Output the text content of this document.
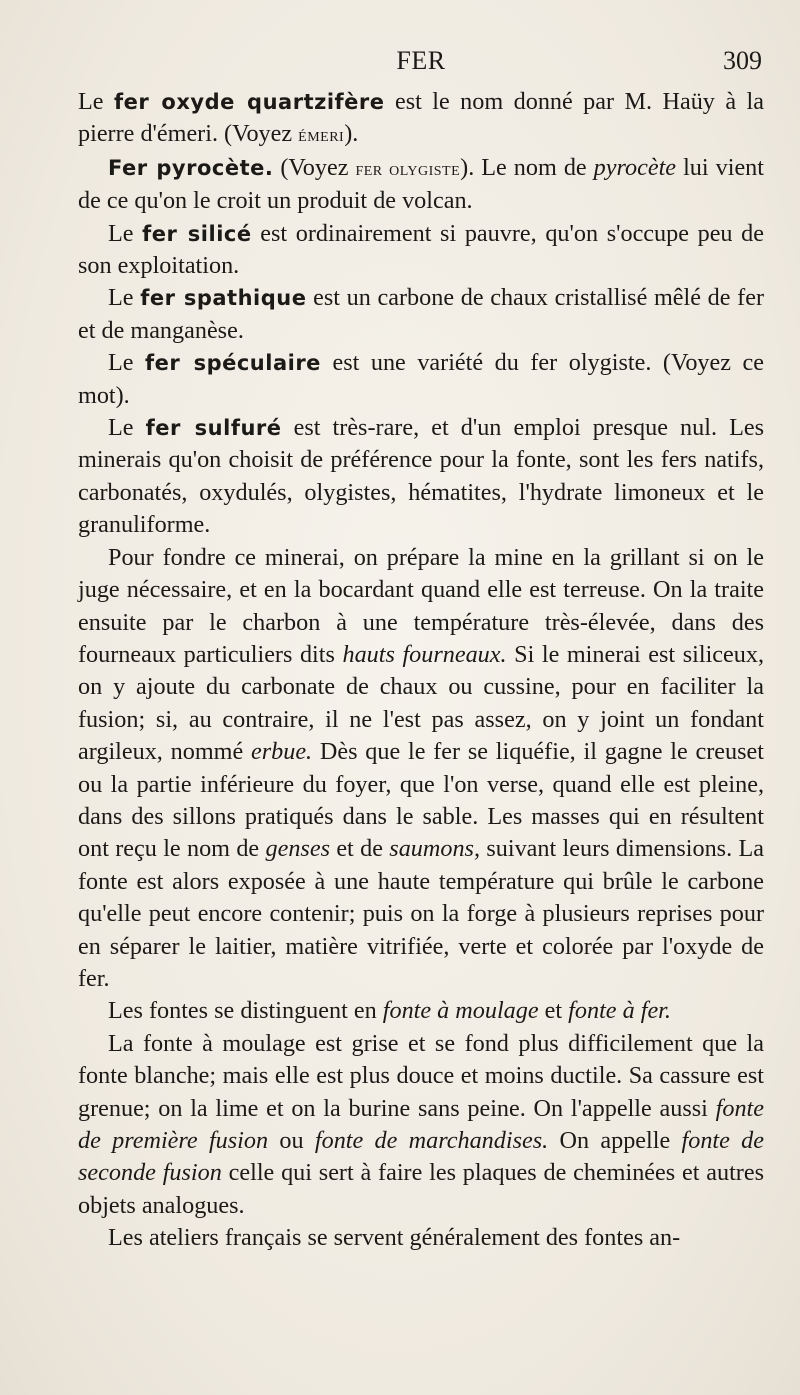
FER	309

Le fer oxyde quartzifère est le nom donné par M. Haüy à la pierre d'émeri. (Voyez émeri).

Fer pyrocète. (Voyez fer olygiste). Le nom de pyrocète lui vient de ce qu'on le croit un produit de volcan.

Le fer silicé est ordinairement si pauvre, qu'on s'occupe peu de son exploitation.

Le fer spathique est un carbone de chaux cristallisé mêlé de fer et de manganèse.

Le fer spéculaire est une variété du fer olygiste. (Voyez ce mot).

Le fer sulfuré est très-rare, et d'un emploi presque nul. Les minerais qu'on choisit de préférence pour la fonte, sont les fers natifs, carbonatés, oxydulés, olygistes, hématites, l'hydrate limoneux et le granuliforme.

Pour fondre ce minerai, on prépare la mine en la grillant si on le juge nécessaire, et en la bocardant quand elle est terreuse. On la traite ensuite par le charbon à une température très-élevée, dans des fourneaux particuliers dits hauts fourneaux. Si le minerai est siliceux, on y ajoute du carbonate de chaux ou cussine, pour en faciliter la fusion; si, au contraire, il ne l'est pas assez, on y joint un fondant argileux, nommé erbue. Dès que le fer se liquéfie, il gagne le creuset ou la partie inférieure du foyer, que l'on verse, quand elle est pleine, dans des sillons pratiqués dans le sable. Les masses qui en résultent ont reçu le nom de genses et de saumons, suivant leurs dimensions. La fonte est alors exposée à une haute température qui brûle le carbone qu'elle peut encore contenir; puis on la forge à plusieurs reprises pour en séparer le laitier, matière vitrifiée, verte et colorée par l'oxyde de fer.

Les fontes se distinguent en fonte à moulage et fonte à fer.

La fonte à moulage est grise et se fond plus difficilement que la fonte blanche; mais elle est plus douce et moins ductile. Sa cassure est grenue; on la lime et on la burine sans peine. On l'appelle aussi fonte de première fusion ou fonte de marchandises. On appelle fonte de seconde fusion celle qui sert à faire les plaques de cheminées et autres objets analogues.

Les ateliers français se servent généralement des fontes an-
